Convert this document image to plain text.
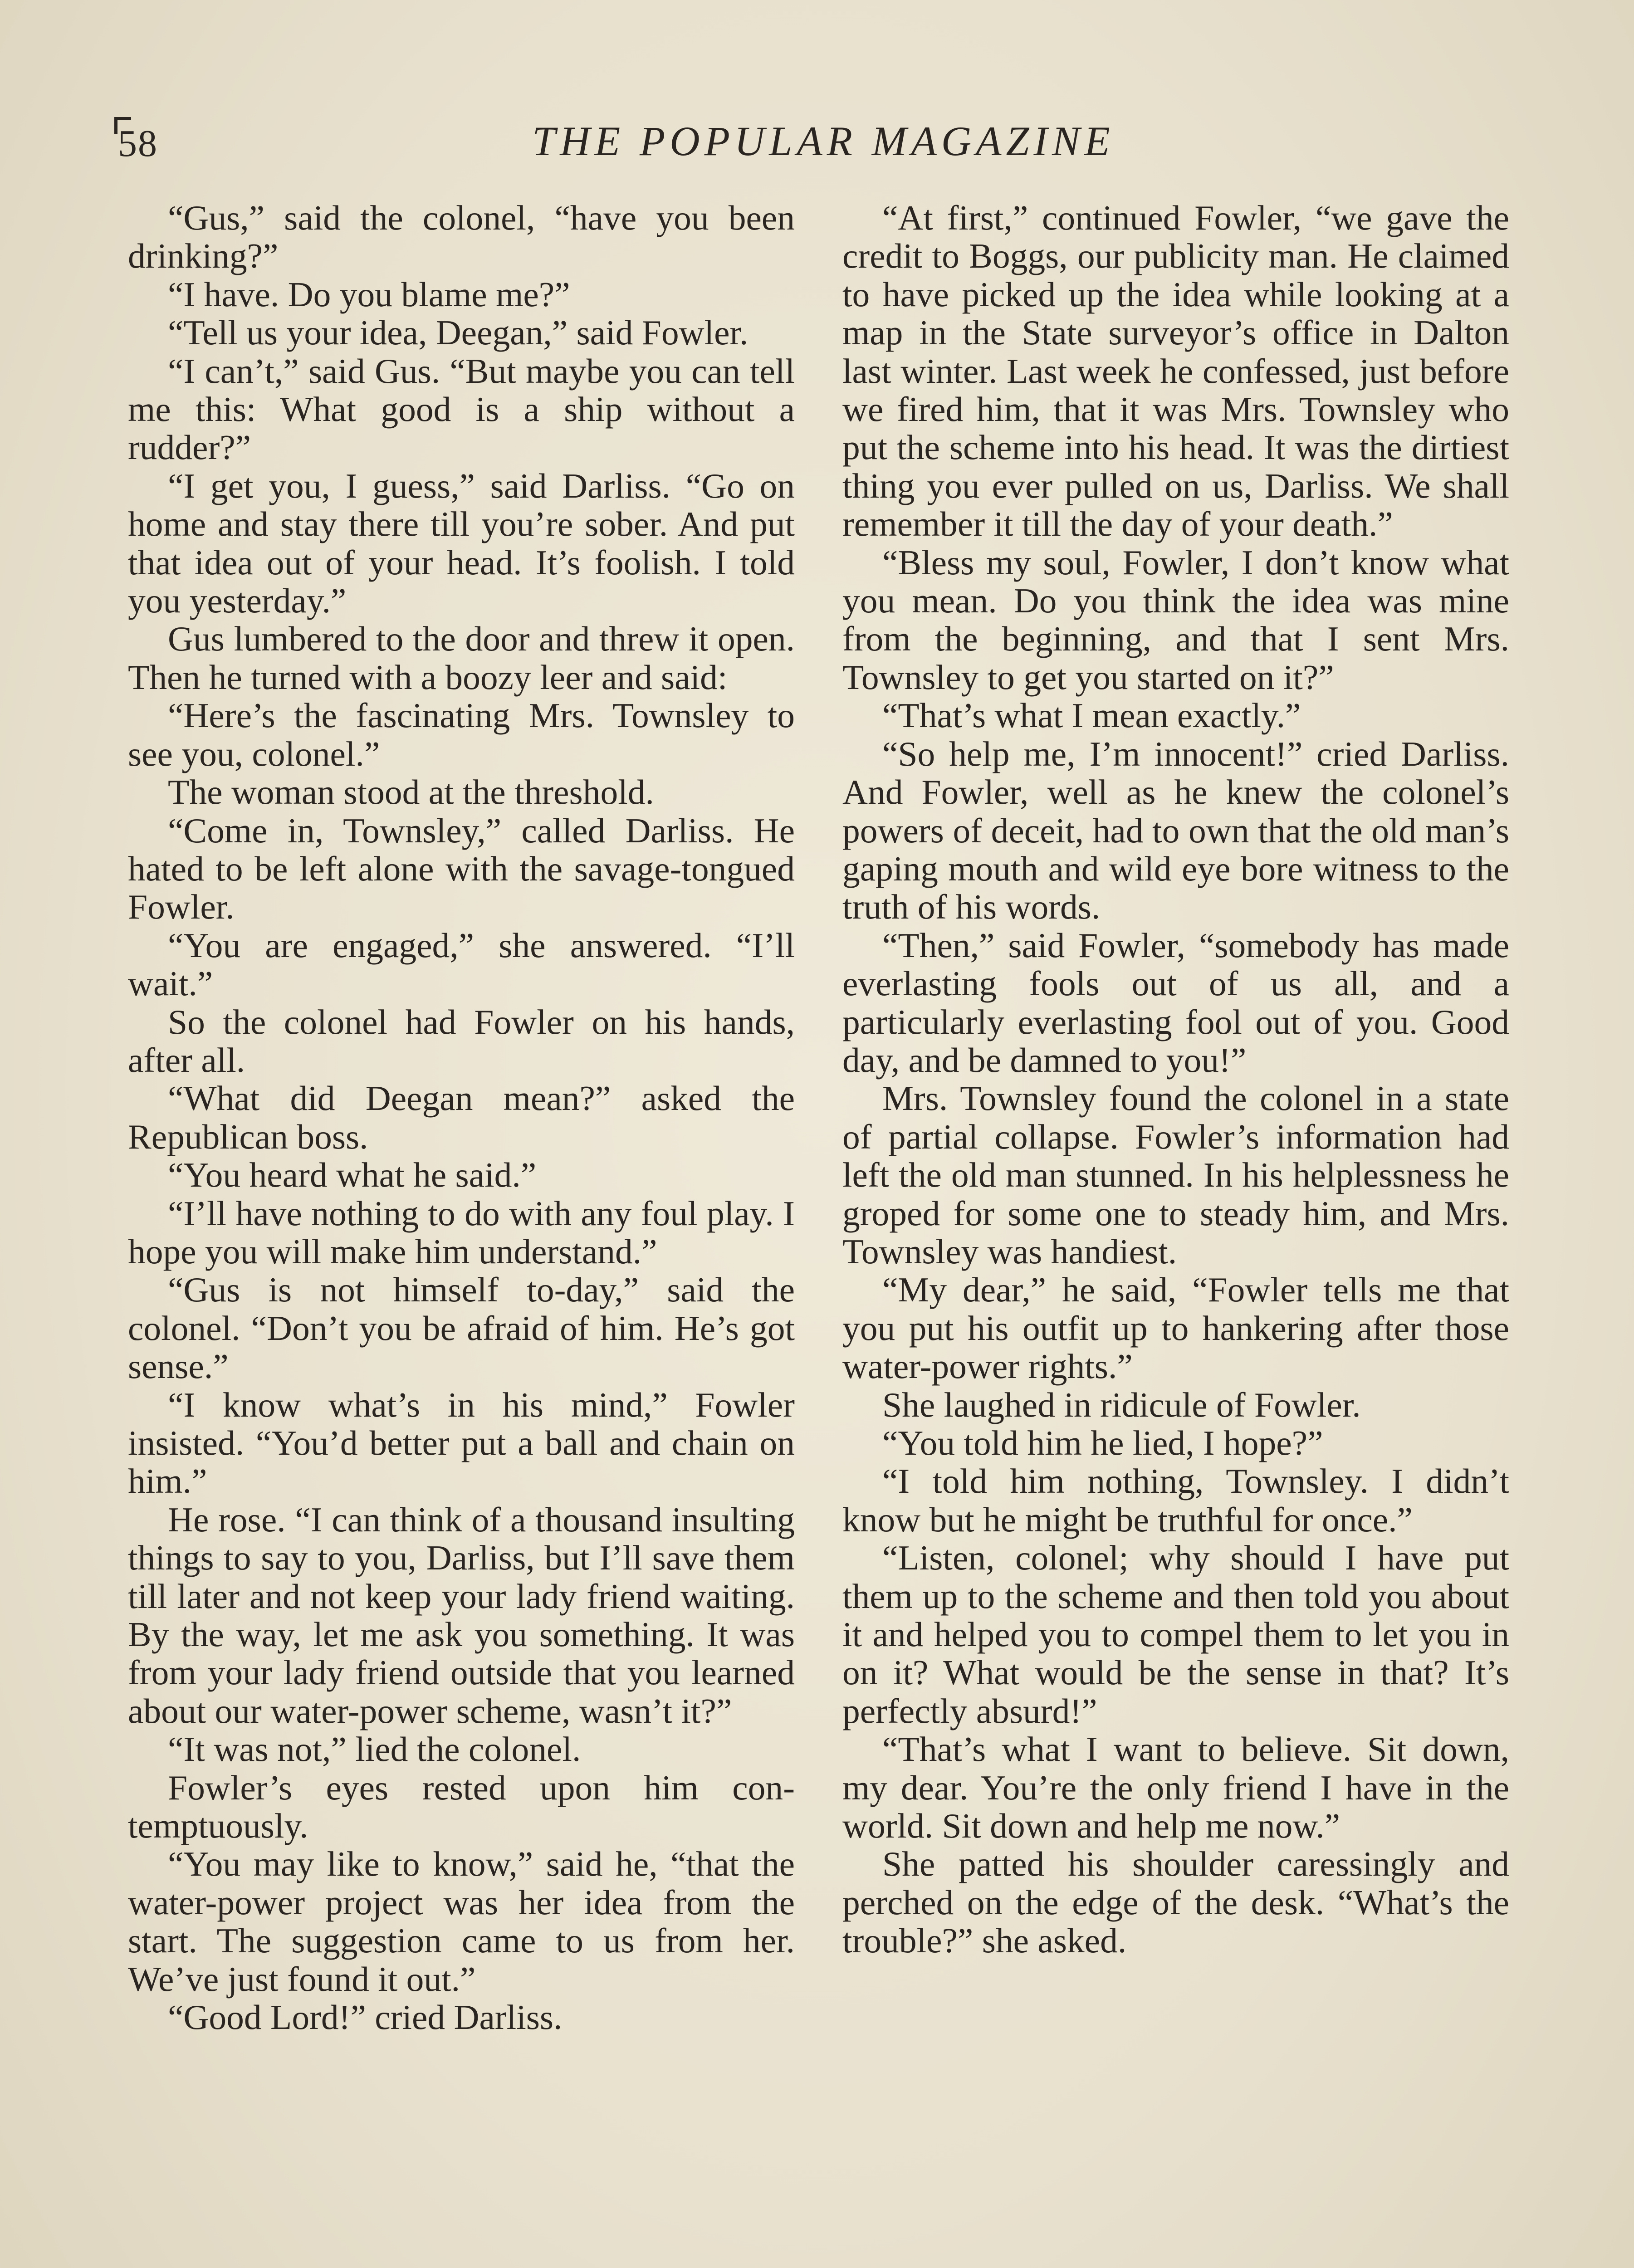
58	THE POPULAR MAGAZINE

“Gus,” said the colonel, “have you been drinking?”

“I have. Do you blame me?”

“Tell us your idea, Deegan,” said Fowler.

“I can’t,” said Gus. “But maybe you can tell me this: What good is a ship without a rudder?”

“I get you, I guess,” said Darliss. “Go on home and stay there till you’re sober. And put that idea out of your head. It’s foolish. I told you yesterday.”

Gus lumbered to the door and threw it open. Then he turned with a boozy leer and said:

“Here’s the fascinating Mrs. Townsley to see you, colonel.”

The woman stood at the threshold.

“Come in, Townsley,” called Darliss. He hated to be left alone with the savage-tongued Fowler.

“You are engaged,” she answered. “I’ll wait.”

So the colonel had Fowler on his hands, after all.

“What did Deegan mean?” asked the Republican boss.

“You heard what he said.”

“I’ll have nothing to do with any foul play. I hope you will make him understand.”

“Gus is not himself to-day,” said the colonel. “Don’t you be afraid of him. He’s got sense.”

“I know what’s in his mind,” Fowler insisted. “You’d better put a ball and chain on him.”

He rose. “I can think of a thousand insulting things to say to you, Darliss, but I’ll save them till later and not keep your lady friend waiting. By the way, let me ask you something. It was from your lady friend outside that you learned about our water-power scheme, wasn’t it?”

“It was not,” lied the colonel.

Fowler’s eyes rested upon him contemptuously.

“You may like to know,” said he, “that the water-power project was her idea from the start. The suggestion came to us from her. We’ve just found it out.”

“Good Lord!” cried Darliss.

“At first,” continued Fowler, “we gave the credit to Boggs, our publicity man. He claimed to have picked up the idea while looking at a map in the State surveyor’s office in Dalton last winter. Last week he confessed, just before we fired him, that it was Mrs. Townsley who put the scheme into his head. It was the dirtiest thing you ever pulled on us, Darliss. We shall remember it till the day of your death.”

“Bless my soul, Fowler, I don’t know what you mean. Do you think the idea was mine from the beginning, and that I sent Mrs. Townsley to get you started on it?”

“That’s what I mean exactly.”

“So help me, I’m innocent!” cried Darliss. And Fowler, well as he knew the colonel’s powers of deceit, had to own that the old man’s gaping mouth and wild eye bore witness to the truth of his words.

“Then,” said Fowler, “somebody has made everlasting fools out of us all, and a particularly everlasting fool out of you. Good day, and be damned to you!”

Mrs. Townsley found the colonel in a state of partial collapse. Fowler’s information had left the old man stunned. In his helplessness he groped for some one to steady him, and Mrs. Townsley was handiest.

“My dear,” he said, “Fowler tells me that you put his outfit up to hankering after those water-power rights.”

She laughed in ridicule of Fowler.

“You told him he lied, I hope?”

“I told him nothing, Townsley. I didn’t know but he might be truthful for once.”

“Listen, colonel; why should I have put them up to the scheme and then told you about it and helped you to compel them to let you in on it? What would be the sense in that? It’s perfectly absurd!”

“That’s what I want to believe. Sit down, my dear. You’re the only friend I have in the world. Sit down and help me now.”

She patted his shoulder caressingly and perched on the edge of the desk. “What’s the trouble?” she asked.
